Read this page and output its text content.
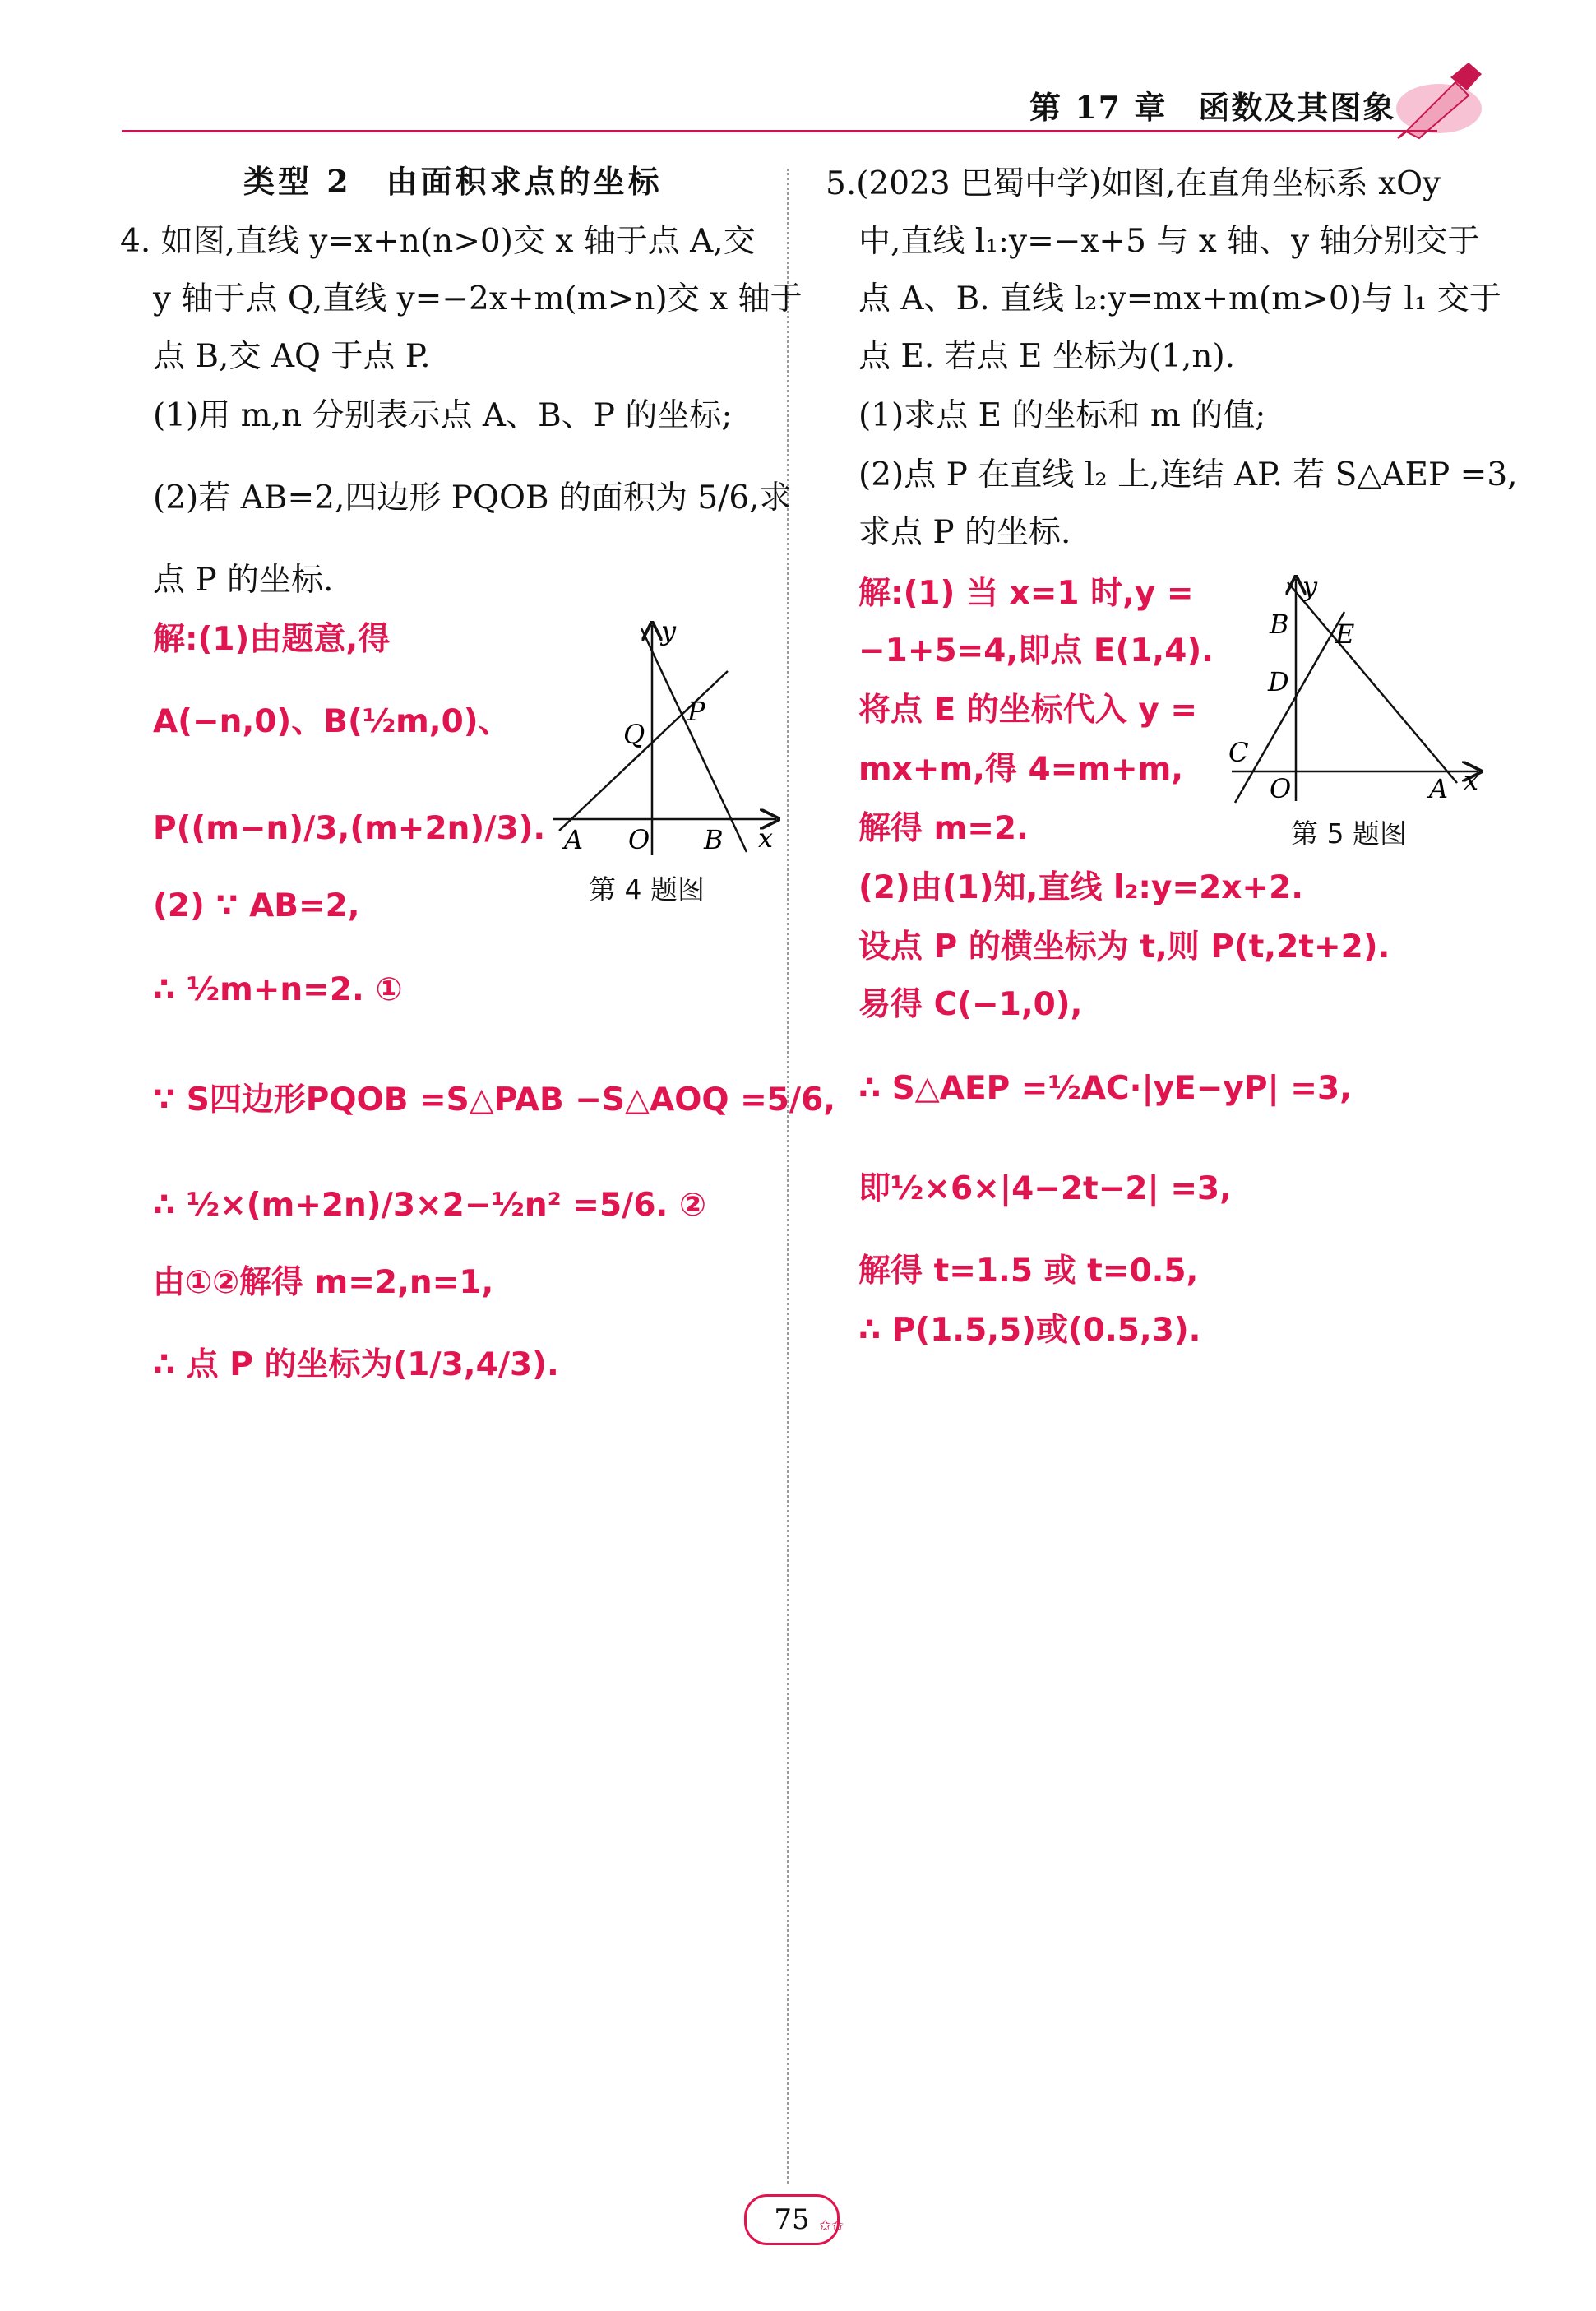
第 17 章 函数及其图象
类型 2　由面积求点的坐标
4. 如图,直线 y=x+n(n>0)交 x 轴于点 A,交
y 轴于点 Q,直线 y=−2x+m(m>n)交 x 轴于
点 B,交 AQ 于点 P.
(1)用 m,n 分别表示点 A、B、P 的坐标;
(2)若 AB=2,四边形 PQOB 的面积为 5/6,求
点 P 的坐标.
解:(1)由题意,得
A(−n,0)、B(½m,0)、
P((m−n)/3,(m+2n)/3).
(2) ∵ AB=2,
∴ ½m+n=2. ①
∵ S四边形PQOB =S△PAB −S△AOQ =5/6,
∴ ½×(m+2n)/3×2−½n² =5/6. ②
由①②解得 m=2,n=1,
∴ 点 P 的坐标为(1/3,4/3).
y
x
Q
P
A O B
第 4 题图
5.(2023 巴蜀中学)如图,在直角坐标系 xOy
中,直线 l₁:y=−x+5 与 x 轴、y 轴分别交于
点 A、B. 直线 l₂:y=mx+m(m>0)与 l₁ 交于
点 E. 若点 E 坐标为(1,n).
(1)求点 E 的坐标和 m 的值;
(2)点 P 在直线 l₂ 上,连结 AP. 若 S△AEP =3,
求点 P 的坐标.
解:(1) 当 x=1 时,y =
−1+5=4,即点 E(1,4).
将点 E 的坐标代入 y =
mx+m,得 4=m+m,
解得 m=2.
(2)由(1)知,直线 l₂:y=2x+2.
设点 P 的横坐标为 t,则 P(t,2t+2).
易得 C(−1,0),
∴ S△AEP =½AC·|yE−yP| =3,
即½×6×|4−2t−2| =3,
解得 t=1.5 或 t=0.5,
∴ P(1.5,5)或(0.5,3).
y
x
B E
D
C
O	A
第 5 题图
75 ✩✩
